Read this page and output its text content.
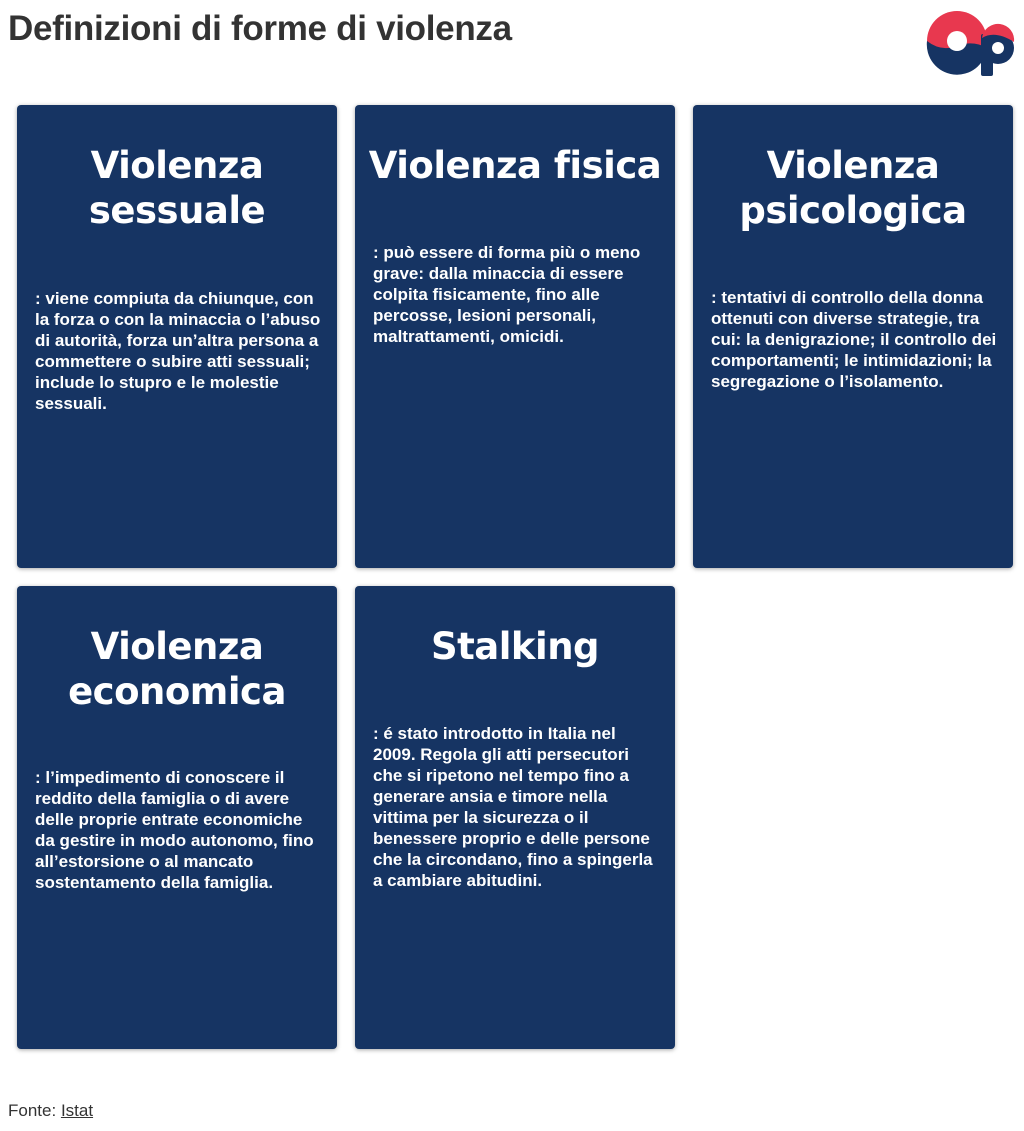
Definizioni di forme di violenza
Violenza sessuale

: viene compiuta da chiunque, con la forza o con la minaccia o l’abuso di autorità, forza un’altra persona a commettere o subire atti sessuali; include lo stupro e le molestie sessuali.

Violenza fisica

: può essere di forma più o meno grave: dalla minaccia di essere colpita fisicamente, fino alle percosse, lesioni personali, maltrattamenti, omicidi.

Violenza psicologica

: tentativi di controllo della donna ottenuti con diverse strategie, tra cui: la denigrazione; il controllo dei comportamenti; le intimidazioni; la segregazione o l’isolamento.

Violenza economica

: l’impedimento di conoscere il reddito della famiglia o di avere delle proprie entrate economiche da gestire in modo autonomo, fino all’estorsione o al mancato sostentamento della famiglia.

Stalking

: é stato introdotto in Italia nel 2009. Regola gli atti persecutori che si ripetono nel tempo fino a generare ansia e timore nella vittima per la sicurezza o il benessere proprio e delle persone che la circondano, fino a spingerla a cambiare abitudini.

Fonte: Istat
